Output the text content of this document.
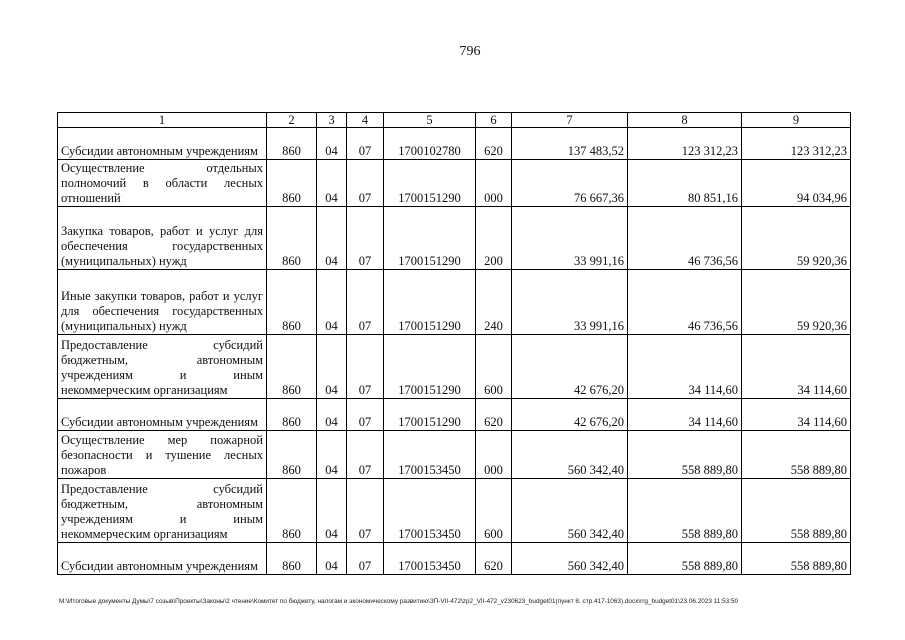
796
1	2	3	4	5	6	7	8	9
Субсидии автономным учреждениям	860	04	07	1700102780	620	137 483,52	123 312,23	123 312,23
Осуществление отдельных полномочий в области лесных отношений	860	04	07	1700151290	000	76 667,36	80 851,16	94 034,96
Закупка товаров, работ и услуг для обеспечения государственных (муниципальных) нужд	860	04	07	1700151290	200	33 991,16	46 736,56	59 920,36
Иные закупки товаров, работ и услуг для обеспечения государственных (муниципальных) нужд	860	04	07	1700151290	240	33 991,16	46 736,56	59 920,36
Предоставление субсидий бюджетным, автономным учреждениям и иным некоммерческим организациям	860	04	07	1700151290	600	42 676,20	34 114,60	34 114,60
Субсидии автономным учреждениям	860	04	07	1700151290	620	42 676,20	34 114,60	34 114,60
Осуществление мер пожарной безопасности и тушение лесных пожаров	860	04	07	1700153450	000	560 342,40	558 889,80	558 889,80
Предоставление субсидий бюджетным, автономным учреждениям и иным некоммерческим организациям	860	04	07	1700153450	600	560 342,40	558 889,80	558 889,80
Субсидии автономным учреждениям	860	04	07	1700153450	620	560 342,40	558 889,80	558 889,80
M:\Итоговые документы Думы\7 созыв\Проекты\Законы\2 чтение\Комитет по бюджету, налогам и экономическому развитию\ЗП-VII-472\zp2_VII-472_v230623_budget01(пункт 8, стр.417-1063).docx\rrg_budget01\23.06.2023 11:53:50
